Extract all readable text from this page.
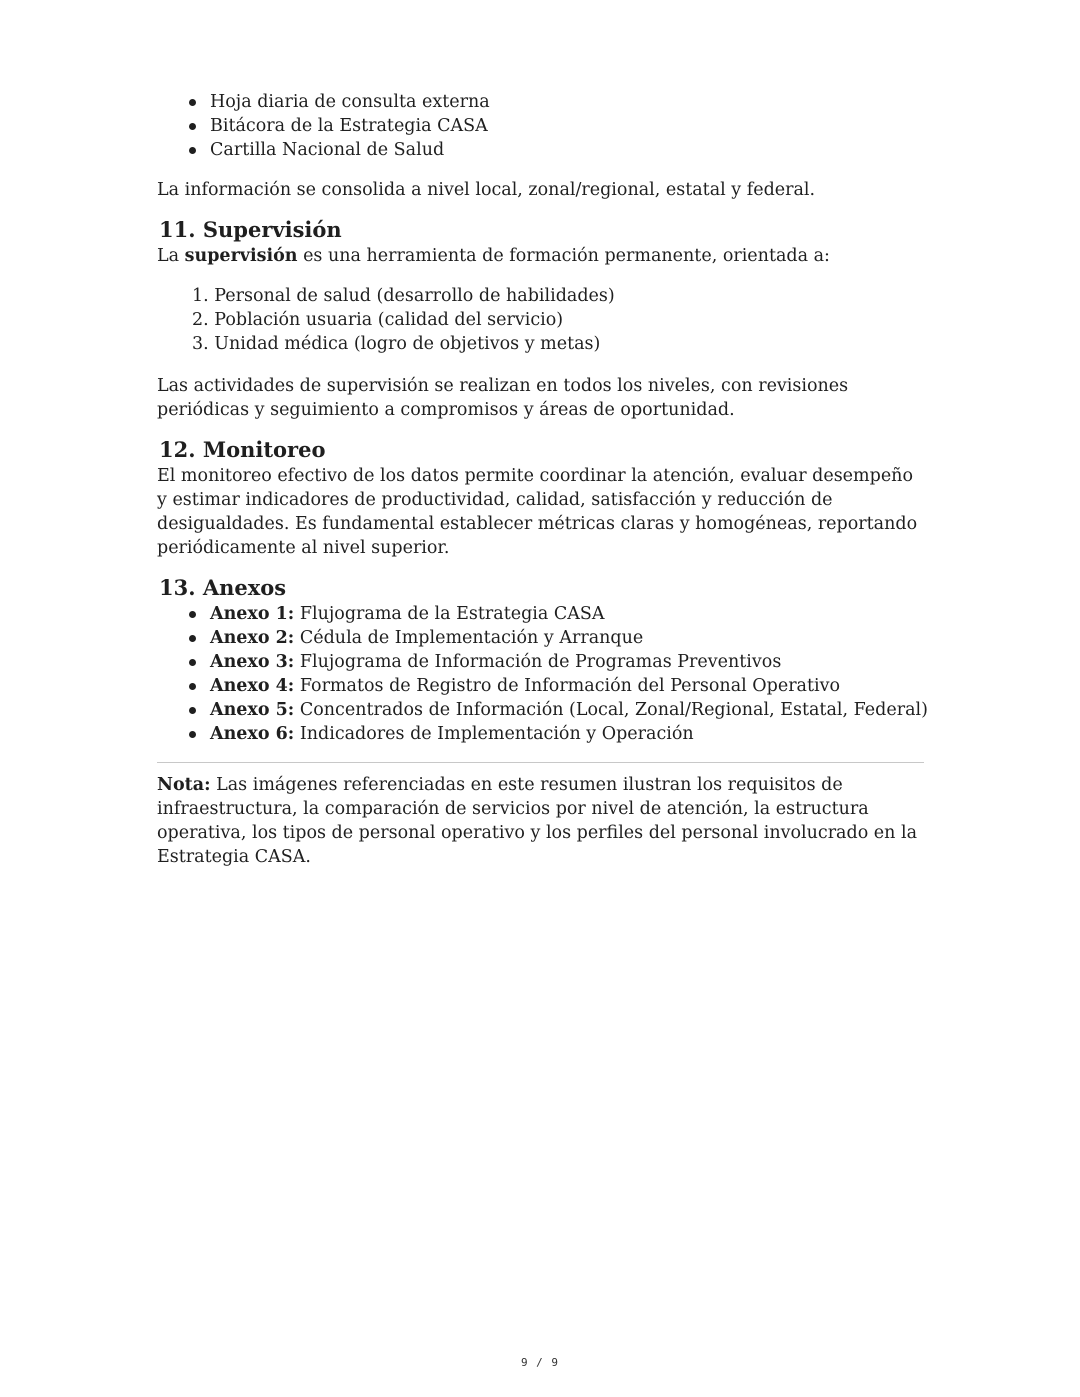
Hoja diaria de consulta externa
Bitácora de la Estrategia CASA
Cartilla Nacional de Salud

La información se consolida a nivel local, zonal/regional, estatal y federal.

11. Supervisión

La supervisión es una herramienta de formación permanente, orientada a:

1. Personal de salud (desarrollo de habilidades)
2. Población usuaria (calidad del servicio)
3. Unidad médica (logro de objetivos y metas)

Las actividades de supervisión se realizan en todos los niveles, con revisiones periódicas y seguimiento a compromisos y áreas de oportunidad.

12. Monitoreo

El monitoreo efectivo de los datos permite coordinar la atención, evaluar desempeño y estimar indicadores de productividad, calidad, satisfacción y reducción de desigualdades. Es fundamental establecer métricas claras y homogéneas, reportando periódicamente al nivel superior.

13. Anexos
Anexo 1: Flujograma de la Estrategia CASA
Anexo 2: Cédula de Implementación y Arranque
Anexo 3: Flujograma de Información de Programas Preventivos
Anexo 4: Formatos de Registro de Información del Personal Operativo
Anexo 5: Concentrados de Información (Local, Zonal/Regional, Estatal, Federal)
Anexo 6: Indicadores de Implementación y Operación

Nota: Las imágenes referenciadas en este resumen ilustran los requisitos de infraestructura, la comparación de servicios por nivel de atención, la estructura operativa, los tipos de personal operativo y los perfiles del personal involucrado en la Estrategia CASA.

9 / 9
